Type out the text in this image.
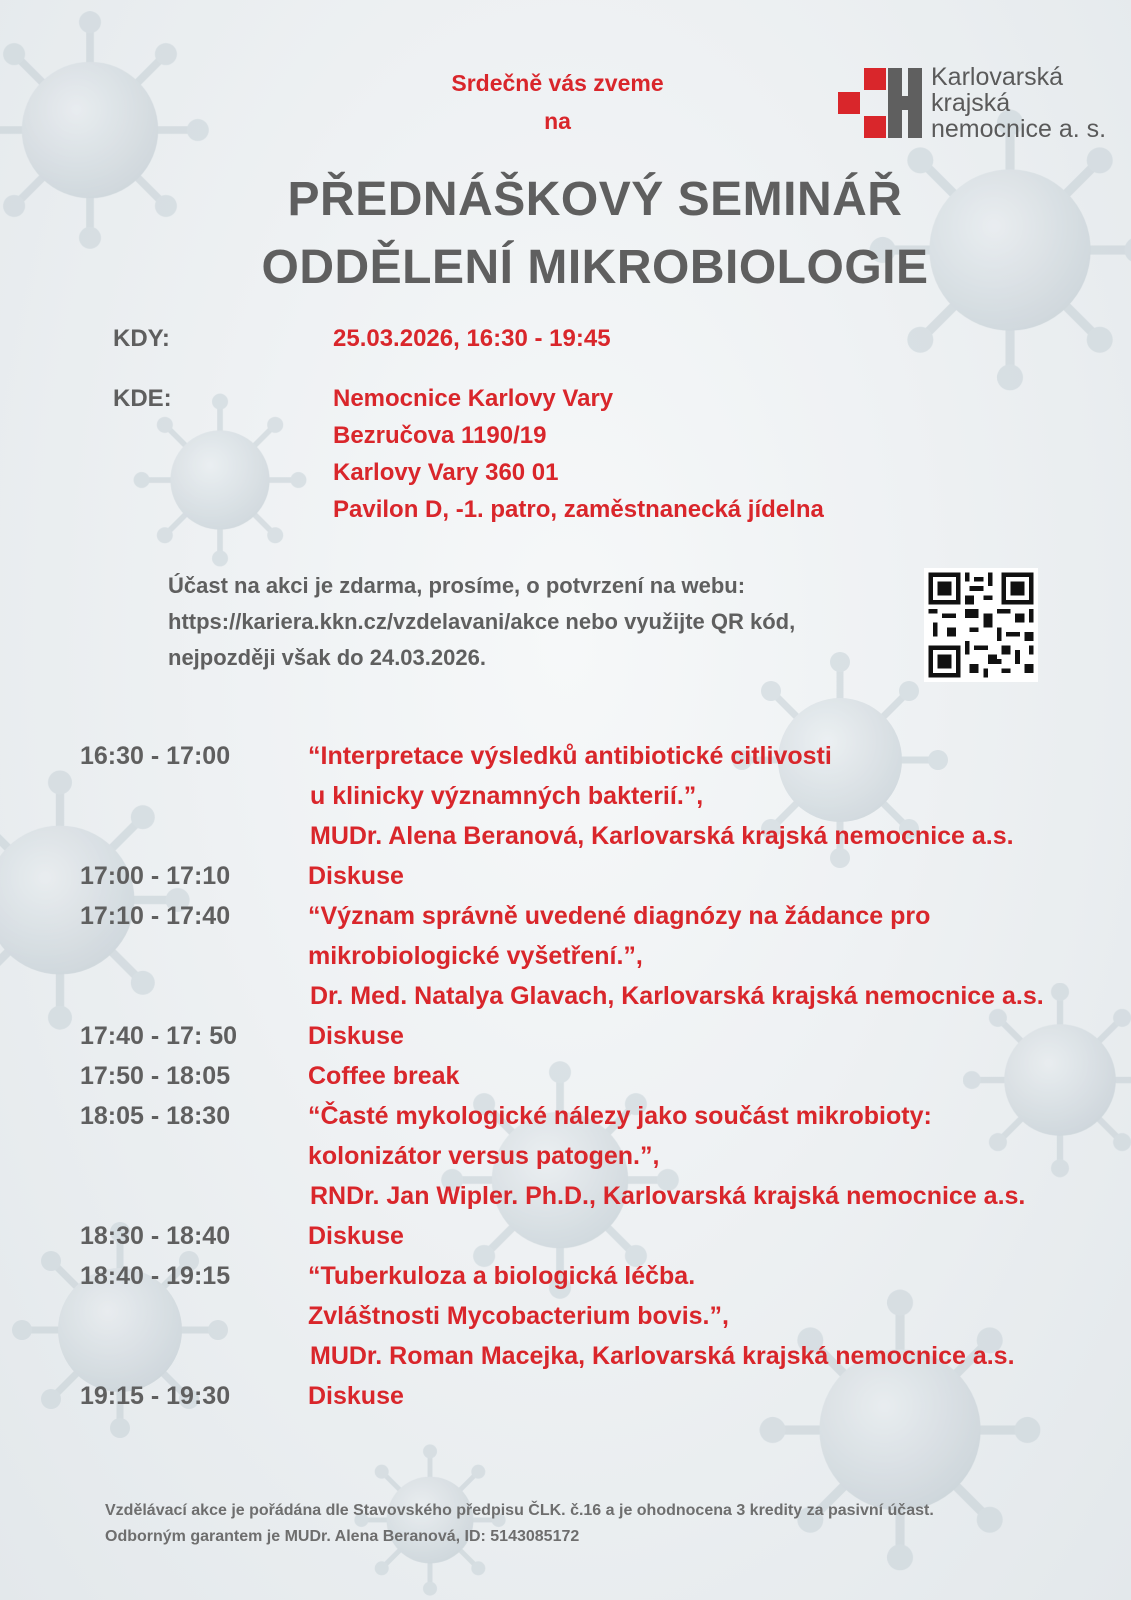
Srdečně vás zveme
na
Karlovarská
krajská
nemocnice a. s.
PŘEDNÁŠKOVÝ SEMINÁŘ
ODDĚLENÍ MIKROBIOLOGIE
KDY:	25.03.2026, 16:30 - 19:45
KDE:	Nemocnice Karlovy Vary
Bezručova 1190/19
Karlovy Vary 360 01
Pavilon D, -1. patro, zaměstnanecká jídelna
Účast na akci je zdarma, prosíme, o potvrzení na webu:
https://kariera.kkn.cz/vzdelavani/akce nebo využijte QR kód,
nejpozději však do 24.03.2026.
16:30 - 17:00	“Interpretace výsledků antibiotické citlivosti
u klinicky významných bakterií.”,
MUDr. Alena Beranová, Karlovarská krajská nemocnice a.s.
17:00 - 17:10	Diskuse
17:10 - 17:40	“Význam správně uvedené diagnózy na žádance pro
mikrobiologické vyšetření.”,
Dr. Med. Natalya Glavach, Karlovarská krajská nemocnice a.s.
17:40 - 17: 50	Diskuse
17:50 - 18:05	Coffee break
18:05 - 18:30	“Časté mykologické nálezy jako součást mikrobioty:
kolonizátor versus patogen.”,
RNDr. Jan Wipler. Ph.D., Karlovarská krajská nemocnice a.s.
18:30 - 18:40	Diskuse
18:40 - 19:15	“Tuberkuloza a biologická léčba.
Zvláštnosti Mycobacterium bovis.”,
MUDr. Roman Macejka, Karlovarská krajská nemocnice a.s.
19:15 - 19:30	Diskuse
Vzdělávací akce je pořádána dle Stavovského předpisu ČLK. č.16 a je ohodnocena 3 kredity za pasivní účast.
Odborným garantem je MUDr. Alena Beranová, ID: 5143085172
